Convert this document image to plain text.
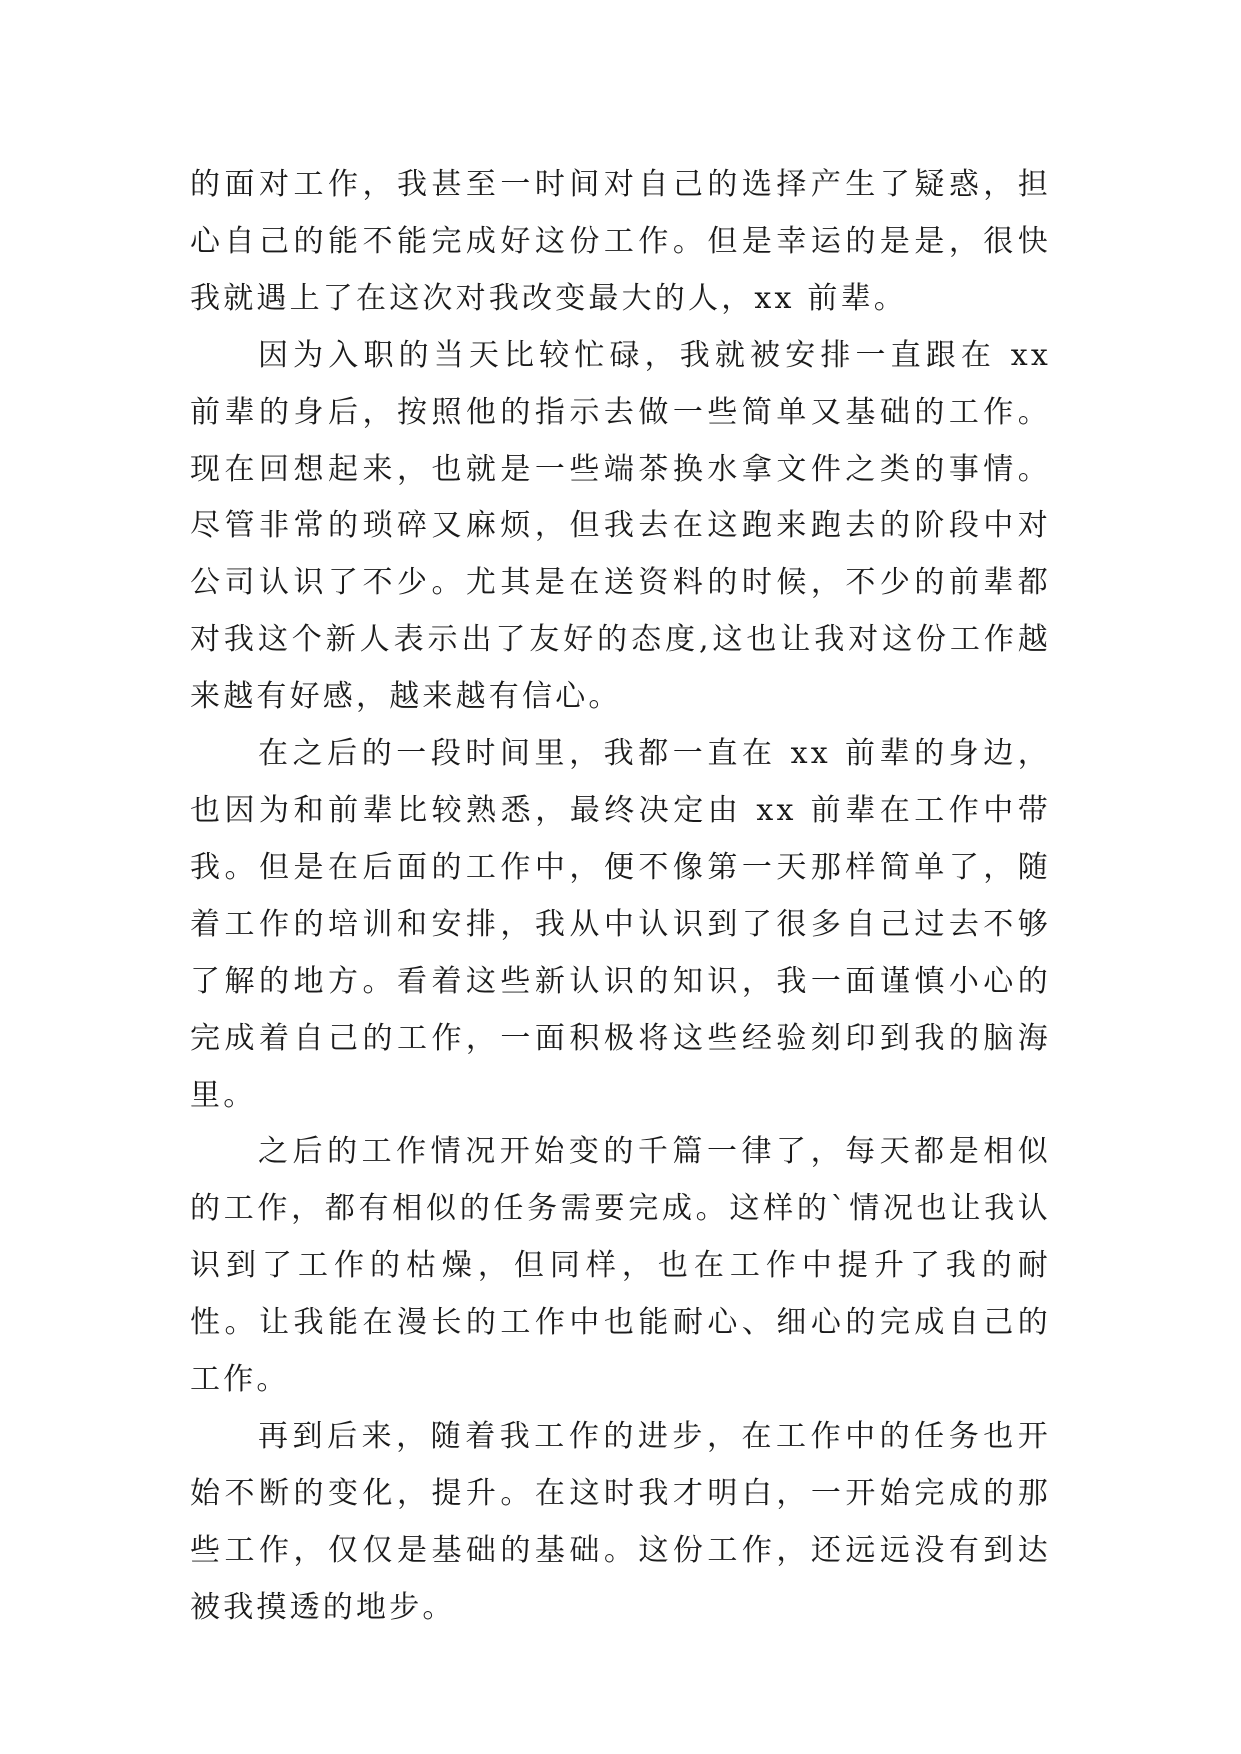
的面对工作，我甚至一时间对自己的选择产生了疑惑，担心自己的能不能完成好这份工作。但是幸运的是是，很快我就遇上了在这次对我改变最大的人，xx 前辈。

因为入职的当天比较忙碌，我就被安排一直跟在 xx 前辈的身后，按照他的指示去做一些简单又基础的工作。现在回想起来，也就是一些端茶换水拿文件之类的事情。尽管非常的琐碎又麻烦，但我去在这跑来跑去的阶段中对公司认识了不少。尤其是在送资料的时候，不少的前辈都对我这个新人表示出了友好的态度,这也让我对这份工作越来越有好感，越来越有信心。

在之后的一段时间里，我都一直在 xx 前辈的身边，也因为和前辈比较熟悉，最终决定由 xx 前辈在工作中带我。但是在后面的工作中，便不像第一天那样简单了，随着工作的培训和安排，我从中认识到了很多自己过去不够了解的地方。看着这些新认识的知识，我一面谨慎小心的完成着自己的工作，一面积极将这些经验刻印到我的脑海里。

之后的工作情况开始变的千篇一律了，每天都是相似的工作，都有相似的任务需要完成。这样的`情况也让我认识到了工作的枯燥，但同样，也在工作中提升了我的耐性。让我能在漫长的工作中也能耐心、细心的完成自己的工作。

再到后来，随着我工作的进步，在工作中的任务也开始不断的变化，提升。在这时我才明白，一开始完成的那些工作，仅仅是基础的基础。这份工作，还远远没有到达被我摸透的地步。
